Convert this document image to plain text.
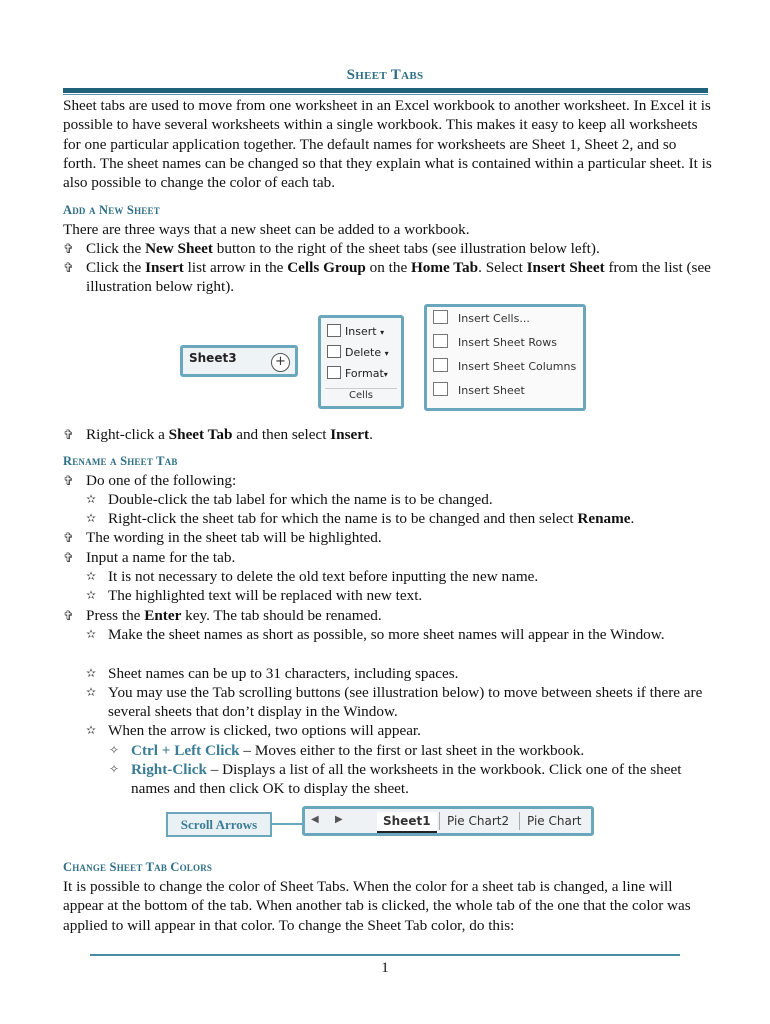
Sheet Tabs
Sheet tabs are used to move from one worksheet in an Excel workbook to another worksheet. In Excel it is possible to have several worksheets within a single workbook. This makes it easy to keep all worksheets for one particular application together. The default names for worksheets are Sheet 1, Sheet 2, and so forth. The sheet names can be changed so that they explain what is contained within a particular sheet. It is also possible to change the color of each tab.
Add a New Sheet
There are three ways that a new sheet can be added to a workbook.
✞ Click the New Sheet button to the right of the sheet tabs (see illustration below left).
✞ Click the Insert list arrow in the Cells Group on the Home Tab. Select Insert Sheet from the list (see illustration below right).
Sheet3	+
Insert ▾
Delete ▾
Format▾
Cells
Insert Cells...
Insert Sheet Rows
Insert Sheet Columns
Insert Sheet
✞ Right-click a Sheet Tab and then select Insert.
Rename a Sheet Tab
✞ Do one of the following:
✫ Double-click the tab label for which the name is to be changed.
✫ Right-click the sheet tab for which the name is to be changed and then select Rename.
✞ The wording in the sheet tab will be highlighted.
✞ Input a name for the tab.
✫ It is not necessary to delete the old text before inputting the new name.
✫ The highlighted text will be replaced with new text.
✞ Press the Enter key. The tab should be renamed.
✫ Make the sheet names as short as possible, so more sheet names will appear in the Window.
✫ Sheet names can be up to 31 characters, including spaces.
✫ You may use the Tab scrolling buttons (see illustration below) to move between sheets if there are several sheets that don’t display in the Window.
✫ When the arrow is clicked, two options will appear.
✧ Ctrl + Left Click – Moves either to the first or last sheet in the workbook.
✧ Right-Click – Displays a list of all the worksheets in the workbook. Click one of the sheet names and then click OK to display the sheet.
Scroll Arrows	◀ ▶	Sheet1	Pie Chart2	Pie Chart
Change Sheet Tab Colors
It is possible to change the color of Sheet Tabs. When the color for a sheet tab is changed, a line will appear at the bottom of the tab. When another tab is clicked, the whole tab of the one that the color was applied to will appear in that color. To change the Sheet Tab color, do this:
1
